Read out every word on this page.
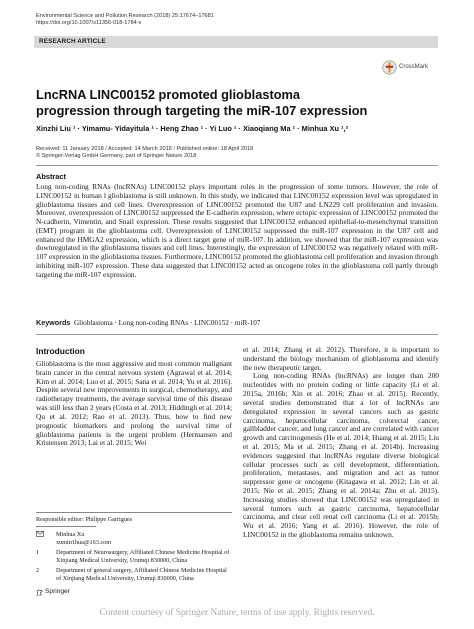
Environmental Science and Pollution Research (2018) 25:17674–17681
https://doi.org/10.1007/s11356-018-1784-x
RESEARCH ARTICLE
CrossMark
LncRNA LINC00152 promoted glioblastoma progression through targeting the miR-107 expression
Xinzhi Liu ¹ · Yimamu- Yidayitula ¹ · Heng Zhao ¹ · Yi Luo ¹ · Xiaoqiang Ma ¹ · Minhua Xu ¹,²
Received: 11 January 2018 / Accepted: 14 March 2018 / Published online: 18 April 2018
© Springer-Verlag GmbH Germany, part of Springer Nature 2018
Abstract
Long non-coding RNAs (lncRNAs) LINC00152 plays important roles in the progression of some tumors. However, the role of LINC00152 in human l glioblastoma is still unknown. In this study, we indicated that LINC00152 expression level was upregulated in glioblastoma tissues and cell lines. Overexpression of LINC00152 promoted the U87 and LN229 cell proliferation and invasion. Moreover, overexpression of LINC00152 suppressed the E-cadherin expression, where ectopic expression of LINC00152 promoted the N-cadherin, Vimentin, and Snail expression. These results suggested that LINC00152 enhanced epithelial-to-mesenchymal transition (EMT) program in the glioblastoma cell. Overexpression of LINC00152 suppressed the miR-107 expression in the U87 cell and enhanced the HMGA2 expression, which is a direct target gene of miR-107. In addition, we showed that the miR-107 expression was downregulated in the glioblastoma tissues and cell lines. Interestingly, the expression of LINC00152 was negatively related with miR-107 expression in the glioblastoma tissues. Furthermore, LINC00152 promoted the glioblastoma cell proliferation and invasion through inhibiting miR-107 expression. These data suggested that LINC00152 acted as oncogene roles in the glioblastoma cell partly through targeting the miR-107 expression.
Keywords Glioblastoma · Long non-coding RNAs · LINC00152 · miR-107
Introduction
Glioblastoma is the most aggressive and most common malignant brain cancer in the central nervous system (Agrawal et al. 2014; Kim et al. 2014; Luo et al. 2015; Sana et al. 2014; Yu et al. 2016). Despite several new improvements in surgical, chemotherapy, and radiotherapy treatments, the average survival time of this disease was still less than 2 years (Costa et al. 2013; Hiddingh et al. 2014; Qu et al. 2012; Rao et al. 2013). Thus, how to find new prognostic biomarkers and prolong the survival time of glioblastoma patients is the urgent problem (Hermansen and Kristensen 2013; Lai et al. 2015; Wei
et al. 2014; Zhang et al. 2012). Therefore, it is important to understand the biology mechanism of glioblastoma and identify the new therapeutic target.
Long non-coding RNAs (lncRNAs) are longer than 200 nucleotides with no protein coding or little capacity (Li et al. 2015a, 2016b; Xin et al. 2016; Zhao et al. 2015). Recently, several studies demonstrated that a lot of lncRNAs are deregulated expression in several cancers such as gastric carcinoma, hepatocellular carcinoma, colorectal cancer, gallbladder cancer, and lung cancer and are correlated with cancer growth and carcinogenesis (He et al. 2014; Huang et al. 2015; Liu et al. 2015; Ma et al. 2015; Zhang et al. 2014b). Increasing evidences suggested that lncRNAs regulate diverse biological cellular processes such as cell development, differentiation, proliferation, metastases, and migration and act as tumor suppressor gene or oncogene (Kitagawa et al. 2012; Lin et al. 2015; Nie et al. 2015; Zhang et al. 2014a; Zhu et al. 2015). Increasing studies showed that LINC00152 was upregulated in several tumors such as gastric carcinoma, hepatocellular carcinoma, and clear cell renal cell carcinoma (Li et al. 2015b; Wu et al. 2016; Yang et al. 2016). However, the role of LINC00152 in the glioblastoma remains unknown.
Responsible editor: Philippe Garrigues
Minhua Xu
xumin1hua@163.com
1	Department of Neurosurgery, Affiliated Chinese Medicine Hospital of Xinjiang Medical University, Urumqi 830000, China
2	Department of general surgery, Affiliated Chinese Medicine Hospital of Xinjiang Medical University, Urumqi 830000, China
Springer
Content courtesy of Springer Nature, terms of use apply. Rights reserved.
